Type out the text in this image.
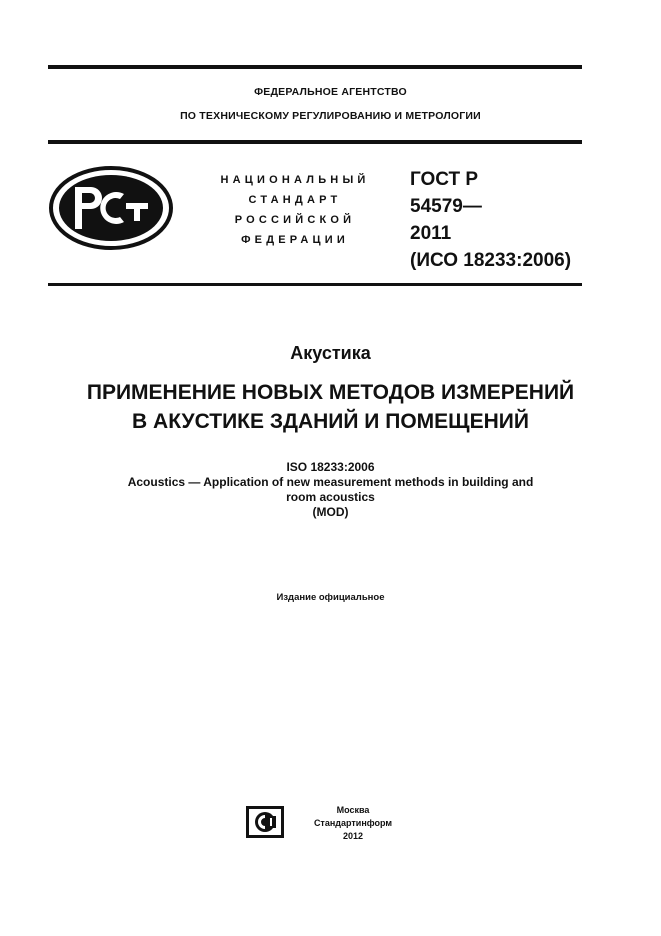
ФЕДЕРАЛЬНОЕ АГЕНТСТВО
ПО ТЕХНИЧЕСКОМУ РЕГУЛИРОВАНИЮ И МЕТРОЛОГИИ
НАЦИОНАЛЬНЫЙ
СТАНДАРТ
РОССИЙСКОЙ
ФЕДЕРАЦИИ
ГОСТ Р
54579—
2011
(ИСО 18233:2006)
Акустика
ПРИМЕНЕНИЕ НОВЫХ МЕТОДОВ ИЗМЕРЕНИЙ
В АКУСТИКЕ ЗДАНИЙ И ПОМЕЩЕНИЙ
ISO 18233:2006
Acoustics — Application of new measurement methods in building and
room acoustics
(MOD)
Издание официальное
Москва
Стандартинформ
2012
